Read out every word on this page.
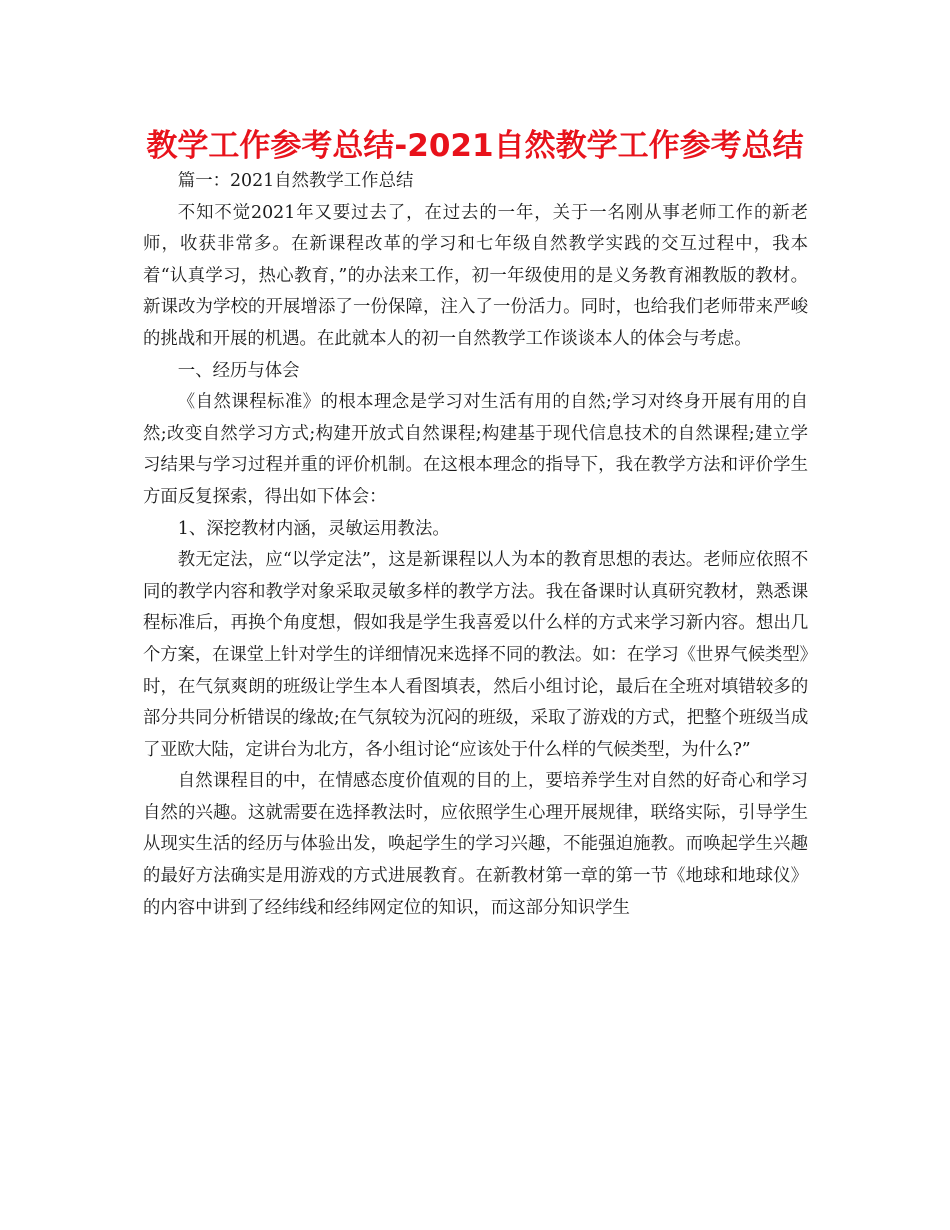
教学工作参考总结-2021自然教学工作参考总结

篇一：2021自然教学工作总结

不知不觉2021年又要过去了，在过去的一年，关于一名刚从事老师工作的新老师，收获非常多。在新课程改革的学习和七年级自然教学实践的交互过程中，我本着“认真学习，热心教育，”的办法来工作，初一年级使用的是义务教育湘教版的教材。新课改为学校的开展增添了一份保障，注入了一份活力。同时，也给我们老师带来严峻的挑战和开展的机遇。在此就本人的初一自然教学工作谈谈本人的体会与考虑。

一、经历与体会

《自然课程标准》的根本理念是学习对生活有用的自然;学习对终身开展有用的自然;改变自然学习方式;构建开放式自然课程;构建基于现代信息技术的自然课程;建立学习结果与学习过程并重的评价机制。在这根本理念的指导下，我在教学方法和评价学生方面反复探索，得出如下体会：

1、深挖教材内涵，灵敏运用教法。

教无定法，应“以学定法”，这是新课程以人为本的教育思想的表达。老师应依照不同的教学内容和教学对象采取灵敏多样的教学方法。我在备课时认真研究教材，熟悉课程标准后，再换个角度想，假如我是学生我喜爱以什么样的方式来学习新内容。想出几个方案，在课堂上针对学生的详细情况来选择不同的教法。如：在学习《世界气候类型》时，在气氛爽朗的班级让学生本人看图填表，然后小组讨论，最后在全班对填错较多的部分共同分析错误的缘故;在气氛较为沉闷的班级，采取了游戏的方式，把整个班级当成了亚欧大陆，定讲台为北方，各小组讨论“应该处于什么样的气候类型，为什么?”

自然课程目的中，在情感态度价值观的目的上，要培养学生对自然的好奇心和学习自然的兴趣。这就需要在选择教法时，应依照学生心理开展规律，联络实际，引导学生从现实生活的经历与体验出发，唤起学生的学习兴趣，不能强迫施教。而唤起学生兴趣的最好方法确实是用游戏的方式进展教育。在新教材第一章的第一节《地球和地球仪》的内容中讲到了经纬线和经纬网定位的知识，而这部分知识学生
